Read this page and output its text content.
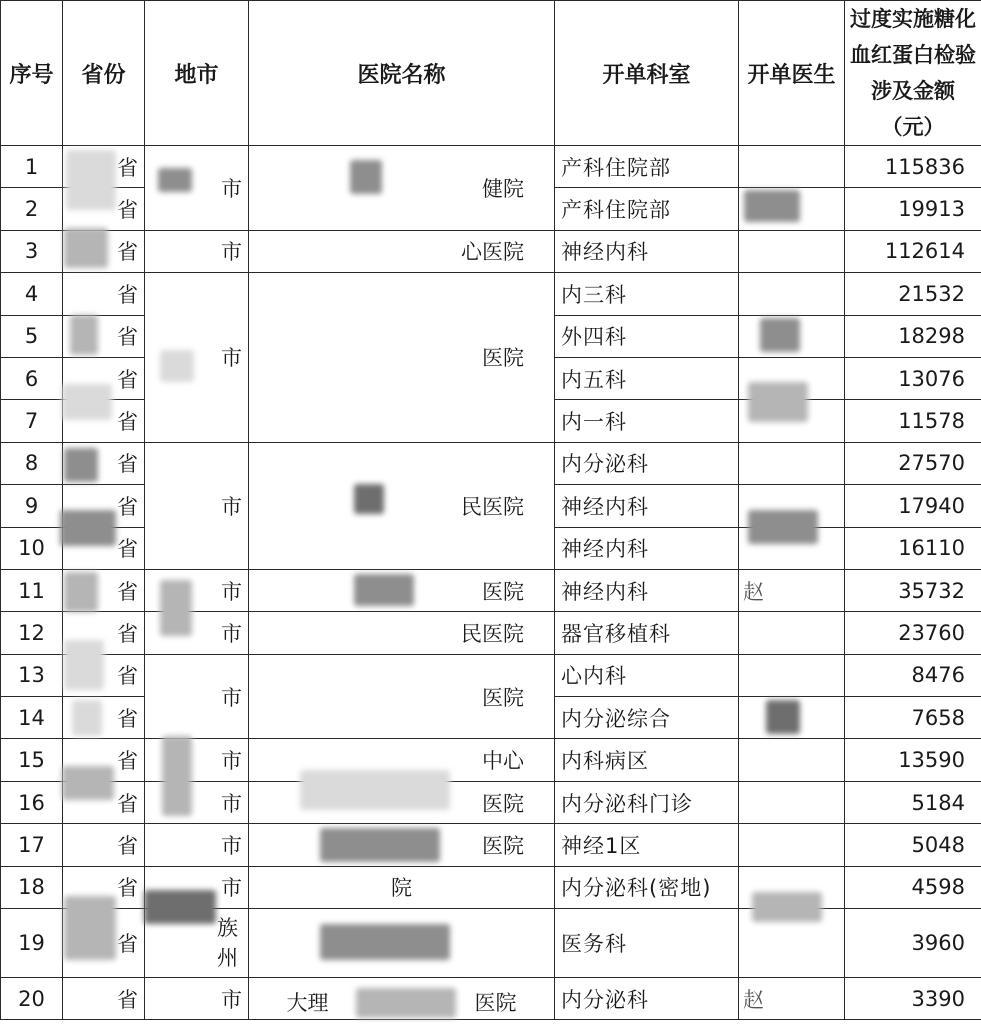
序号	省份	地市	医院名称	开单科室	开单医生	过度实施糖化血红蛋白检验涉及金额（元）
1	省	市	健院	产科住院部		115836
2	省			产科住院部		19913
3	省	市	心医院	神经内科		112614
4	省	市	医院	内三科		21532
5	省			外四科		18298
6	省			内五科		13076
7	省			内一科		11578
8	省	市	民医院	内分泌科		27570
9	省			神经内科		17940
10	省			神经内科		16110
11	省	市	医院	神经内科	赵	35732
12	省	市	民医院	器官移植科		23760
13	省	市	医院	心内科		8476
14	省			内分泌综合		7658
15	省	市	中心	内科病区		13590
16	省	市	医院	内分泌科门诊		5184
17	省	市	医院	神经1区		5048
18	省	市	院	内分泌科(密地)		4598
19	省	族州		医务科		3960
20	省	市	大理 医院	内分泌科	赵	3390
